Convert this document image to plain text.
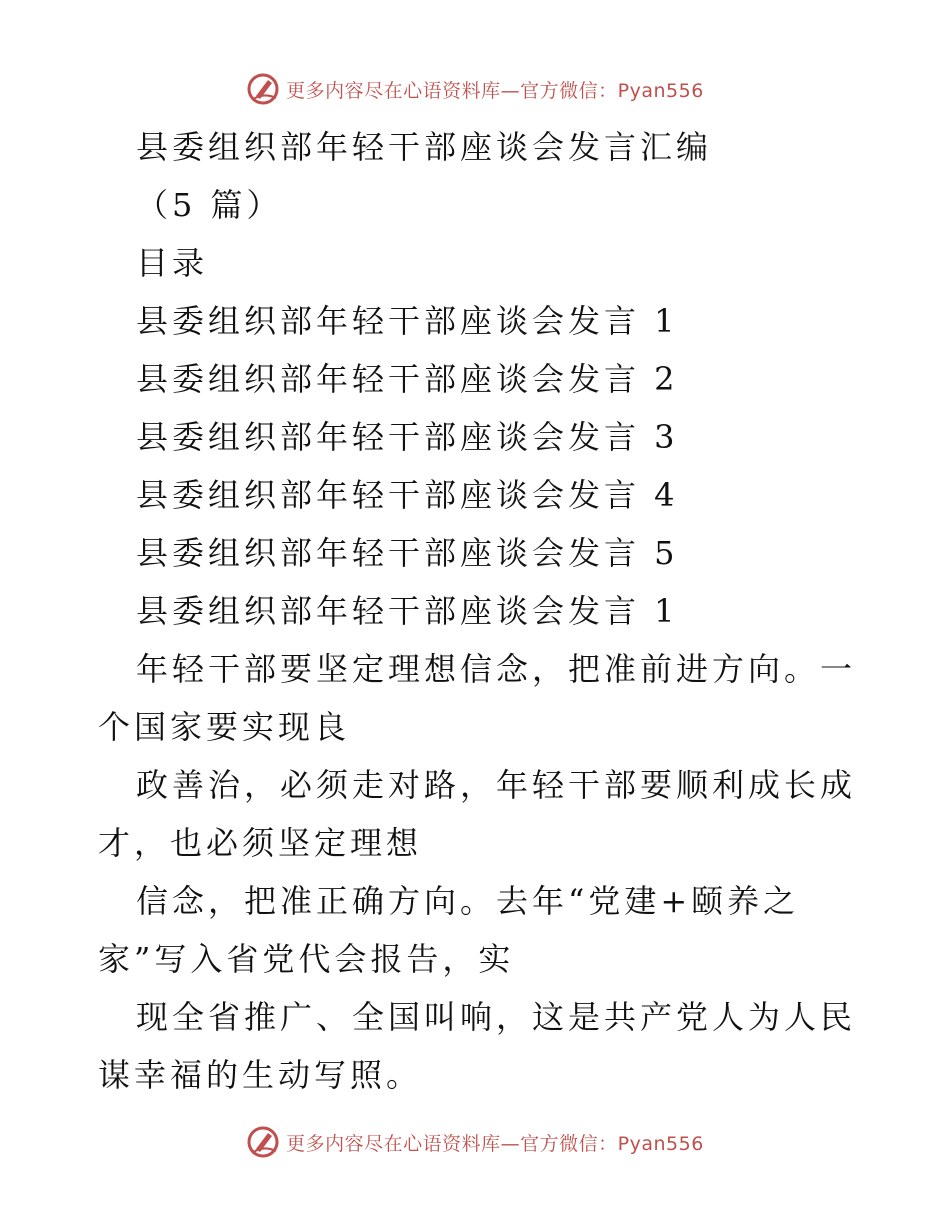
更多内容尽在心语资料库—官方微信：Pyan556
县委组织部年轻干部座谈会发言汇编
（5 篇）
目录
县委组织部年轻干部座谈会发言 1
县委组织部年轻干部座谈会发言 2
县委组织部年轻干部座谈会发言 3
县委组织部年轻干部座谈会发言 4
县委组织部年轻干部座谈会发言 5
县委组织部年轻干部座谈会发言 1

年轻干部要坚定理想信念，把准前进方向。一个国家要实现良

政善治，必须走对路，年轻干部要顺利成长成才，也必须坚定理想

信念，把准正确方向。去年“党建+颐养之家”写入省党代会报告，实

现全省推广、全国叫响，这是共产党人为人民谋幸福的生动写照。

更多内容尽在心语资料库—官方微信：Pyan556
